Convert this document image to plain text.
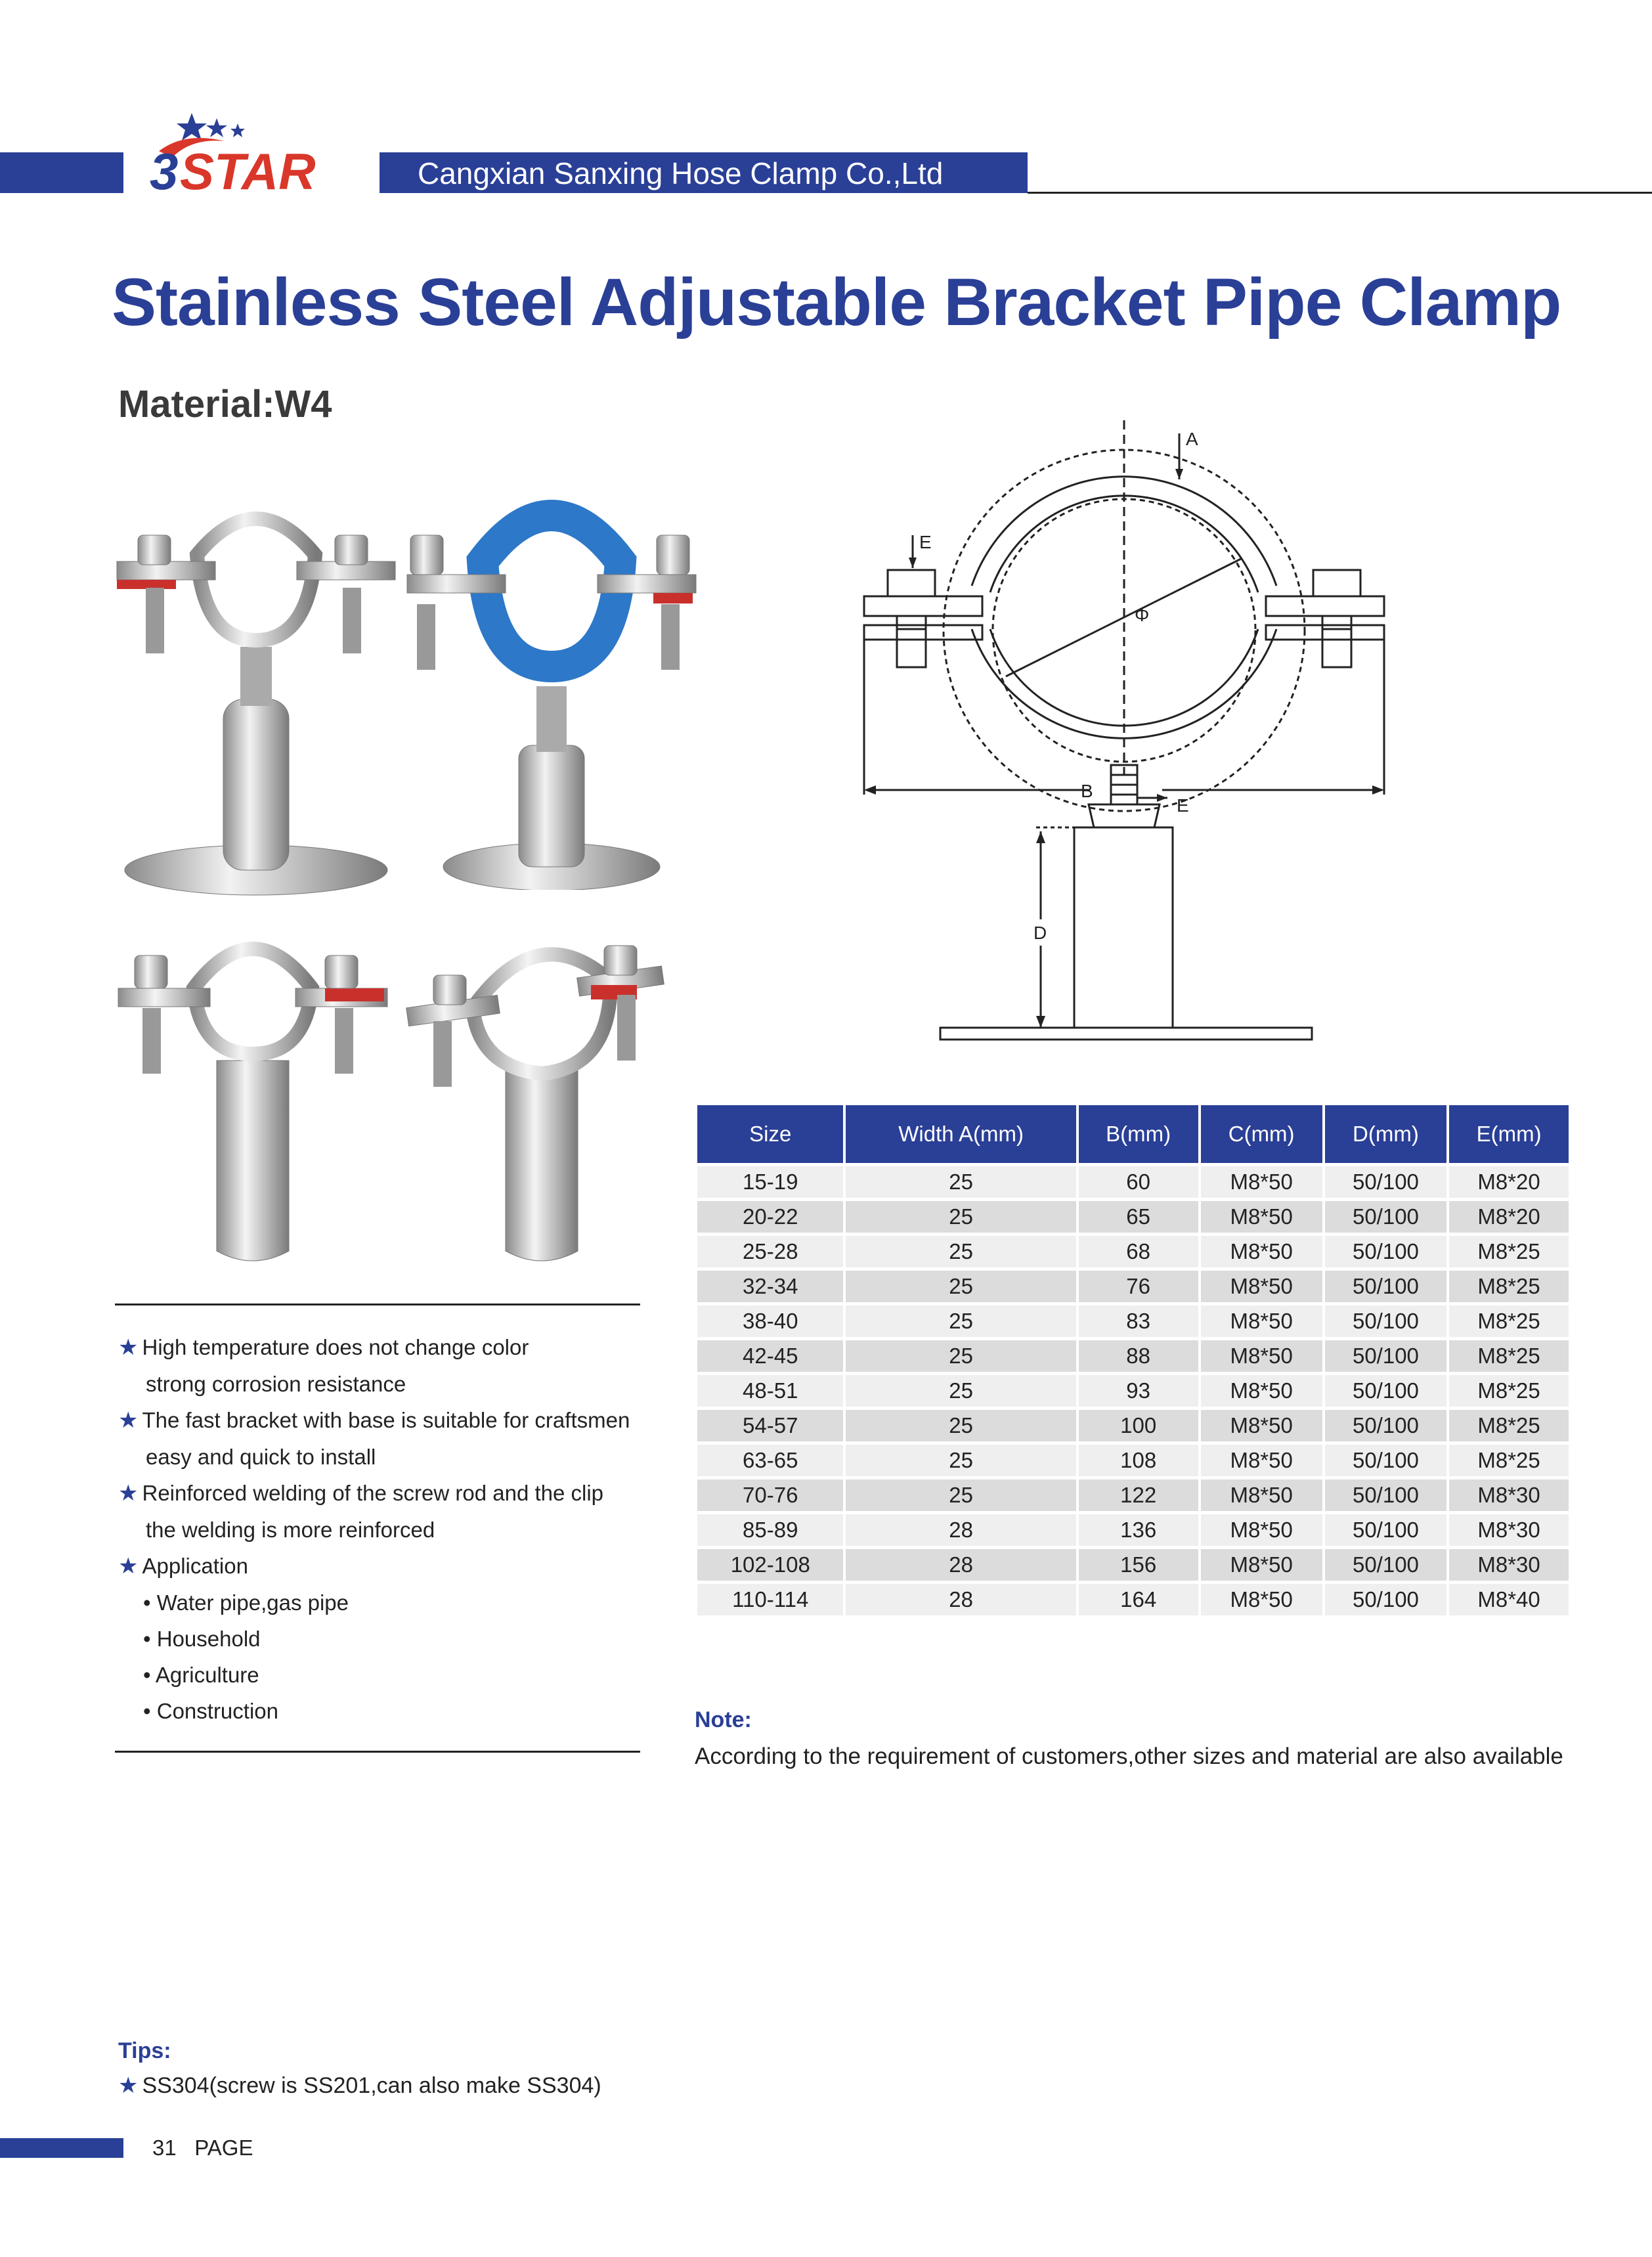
Cangxian Sanxing Hose Clamp Co.,Ltd
3 STAR
Stainless Steel Adjustable Bracket Pipe Clamp
Material:W4
A
E
Φ
B
E
D
★ High temperature does not change color
strong corrosion resistance
★ The fast bracket with base is suitable for craftsmen
easy and quick to install
★ Reinforced welding of the screw rod and the clip
the welding is more reinforced
★ Application
• Water pipe,gas pipe
• Household
• Agriculture
• Construction
Size	Width A(mm)	B(mm)	C(mm)	D(mm)	E(mm)
15-19	25	60	M8*50	50/100	M8*20
20-22	25	65	M8*50	50/100	M8*20
25-28	25	68	M8*50	50/100	M8*25
32-34	25	76	M8*50	50/100	M8*25
38-40	25	83	M8*50	50/100	M8*25
42-45	25	88	M8*50	50/100	M8*25
48-51	25	93	M8*50	50/100	M8*25
54-57	25	100	M8*50	50/100	M8*25
63-65	25	108	M8*50	50/100	M8*25
70-76	25	122	M8*50	50/100	M8*30
85-89	28	136	M8*50	50/100	M8*30
102-108	28	156	M8*50	50/100	M8*30
110-114	28	164	M8*50	50/100	M8*40
Note:
According to the requirement of customers,other sizes and material are also available
Tips:
★ SS304(screw is SS201,can also make SS304)
31   PAGE
